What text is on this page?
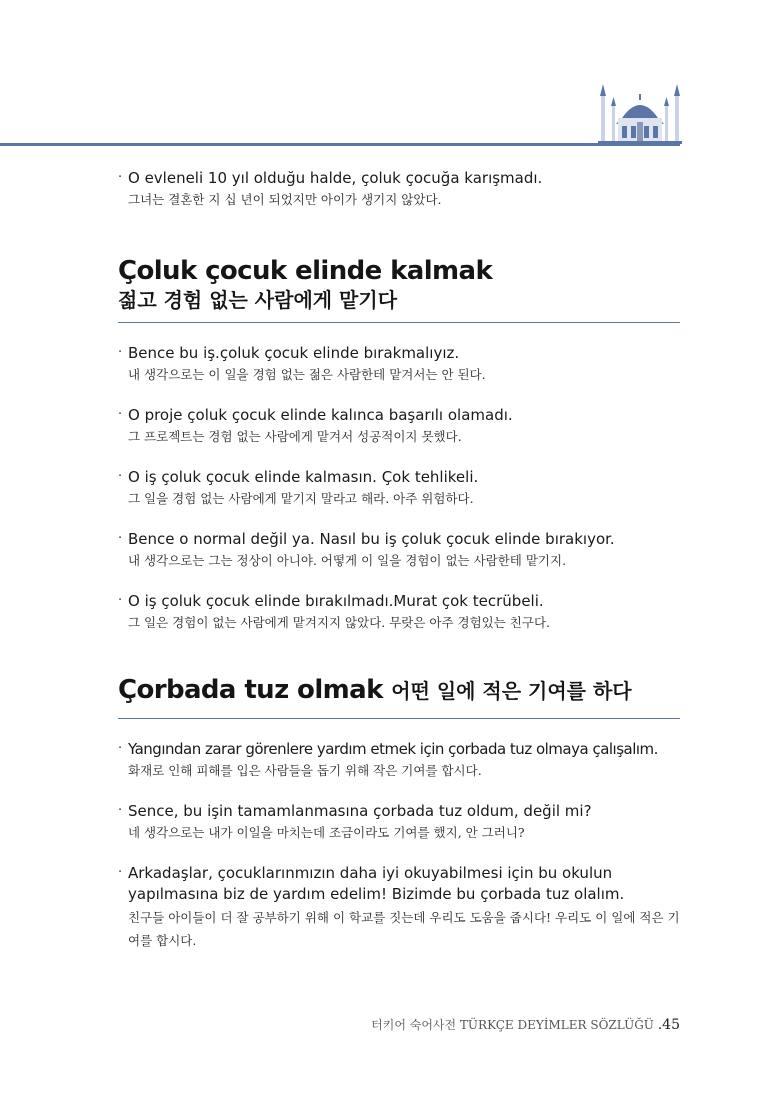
· O evleneli 10 yıl olduğu halde, çoluk çocuğa karışmadı.
그녀는 결혼한 지 십 년이 되었지만 아이가 생기지 않았다.
Çoluk çocuk elinde kalmak
젊고 경험 없는 사람에게 맡기다
· Bence bu iş.çoluk çocuk elinde bırakmalıyız.
내 생각으로는 이 일을 경험 없는 젊은 사람한테 맡겨서는 안 된다.
· O proje çoluk çocuk elinde kalınca başarılı olamadı.
그 프로젝트는 경험 없는 사람에게 맡겨서 성공적이지 못했다.
· O iş çoluk çocuk elinde kalmasın. Çok tehlikeli.
그 일을 경험 없는 사람에게 맡기지 말라고 해라. 아주 위험하다.
· Bence o normal değil ya. Nasıl bu iş çoluk çocuk elinde bırakıyor.
내 생각으로는 그는 정상이 아니야. 어떻게 이 일을 경험이 없는 사람한테 맡기지.
· O iş çoluk çocuk elinde bırakılmadı.Murat çok tecrübeli.
그 일은 경험이 없는 사람에게 맡겨지지 않았다. 무랏은 아주 경험있는 친구다.
Çorbada tuz olmak 어떤 일에 적은 기여를 하다
· Yangından zarar görenlere yardım etmek için çorbada tuz olmaya çalışalım.
화재로 인해 피해를 입은 사람들을 돕기 위해 작은 기여를 합시다.
· Sence, bu işin tamamlanmasına çorbada tuz oldum, değil mi?
네 생각으로는 내가 이일을 마치는데 조금이라도 기여를 했지, 안 그러니?
· Arkadaşlar, çocuklarınmızın daha iyi okuyabilmesi için bu okulun yapılmasına biz de yardım edelim! Bizimde bu çorbada tuz olalım.
친구들 아이들이 더 잘 공부하기 위해 이 학교를 짓는데 우리도 도움을 줍시다! 우리도 이 일에 적은 기여를 합시다.
터키어 숙어사전 TÜRKÇE DEYİMLER SÖZLÜĞÜ .45
